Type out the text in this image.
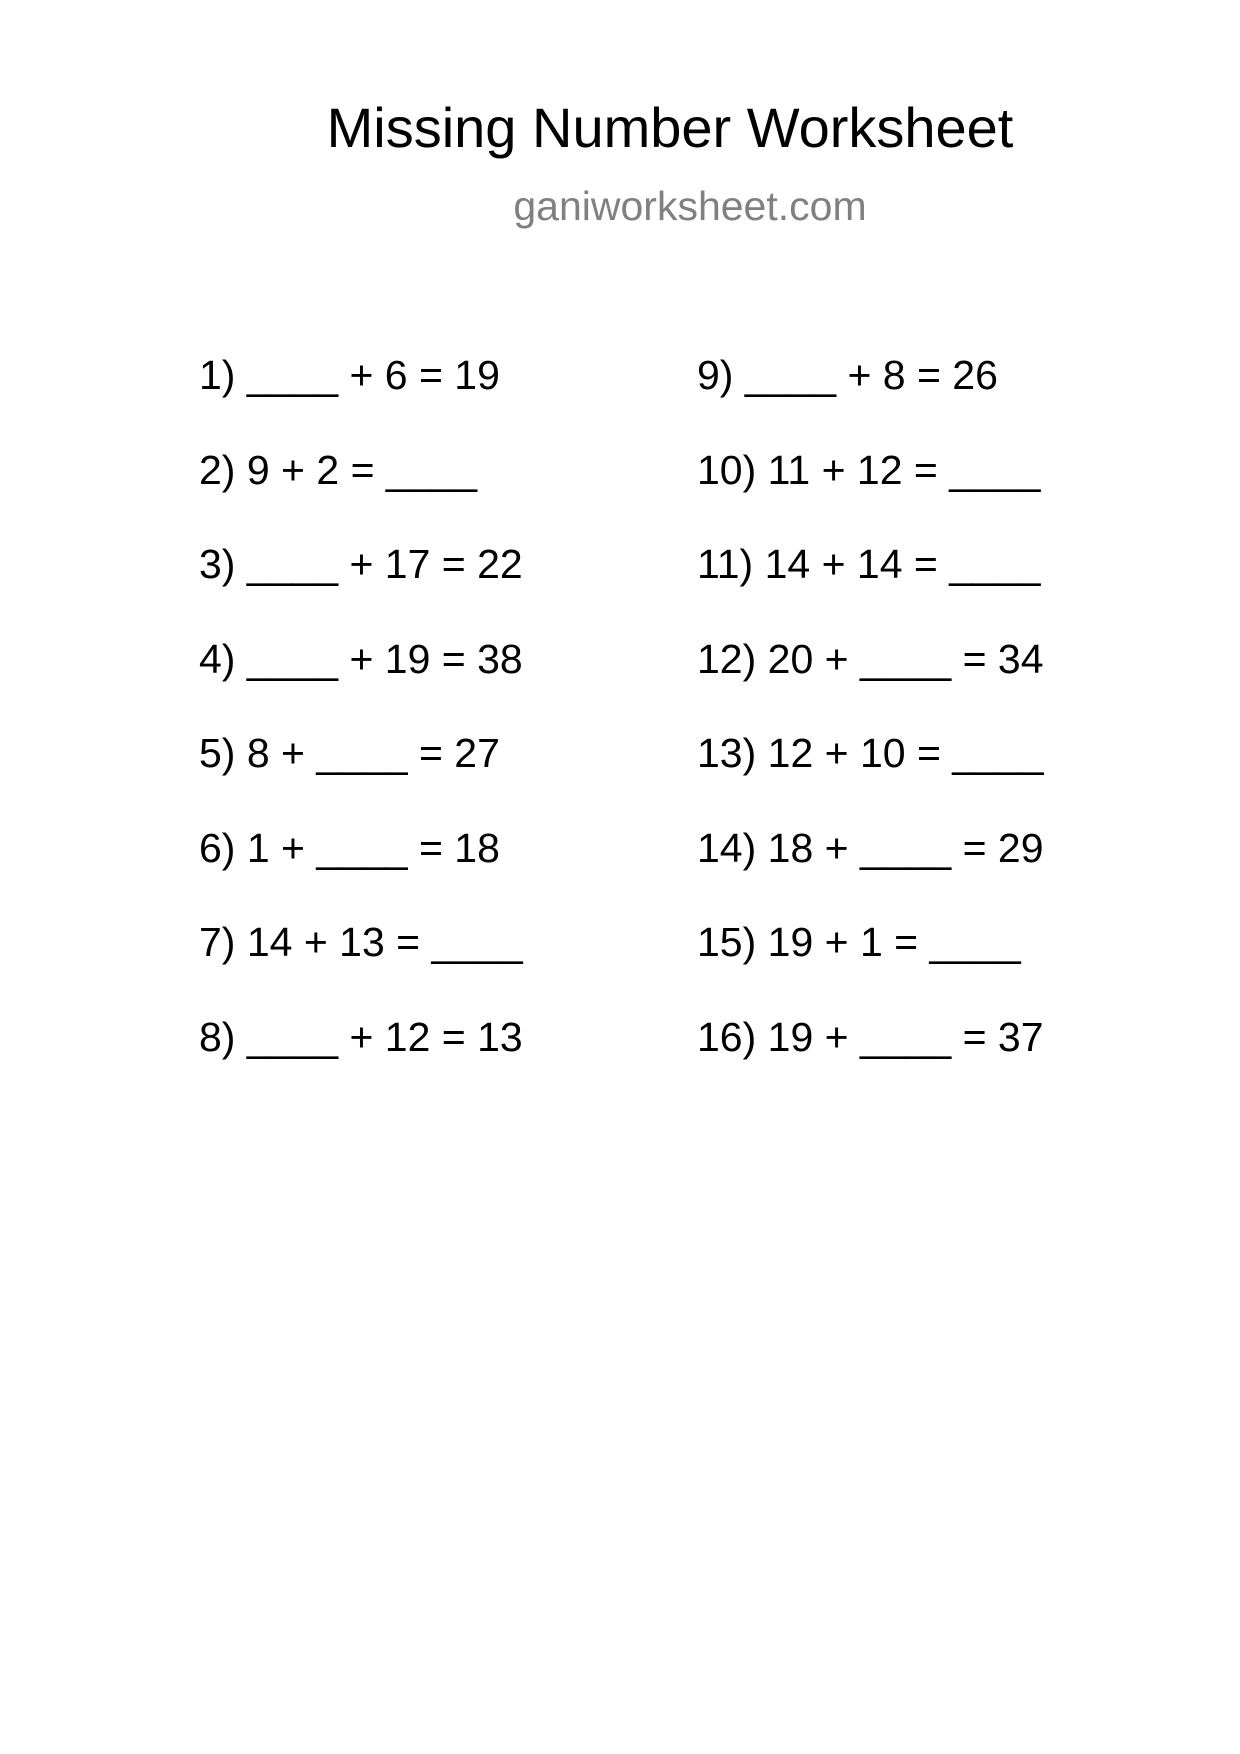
Missing Number Worksheet
ganiworksheet.com
1) ____ + 6 = 19
2) 9 + 2 = ____
3) ____ + 17 = 22
4) ____ + 19 = 38
5) 8 + ____ = 27
6) 1 + ____ = 18
7) 14 + 13 = ____
8) ____ + 12 = 13
9) ____ + 8 = 26
10) 11 + 12 = ____
11) 14 + 14 = ____
12) 20 + ____ = 34
13) 12 + 10 = ____
14) 18 + ____ = 29
15) 19 + 1 = ____
16) 19 + ____ = 37
